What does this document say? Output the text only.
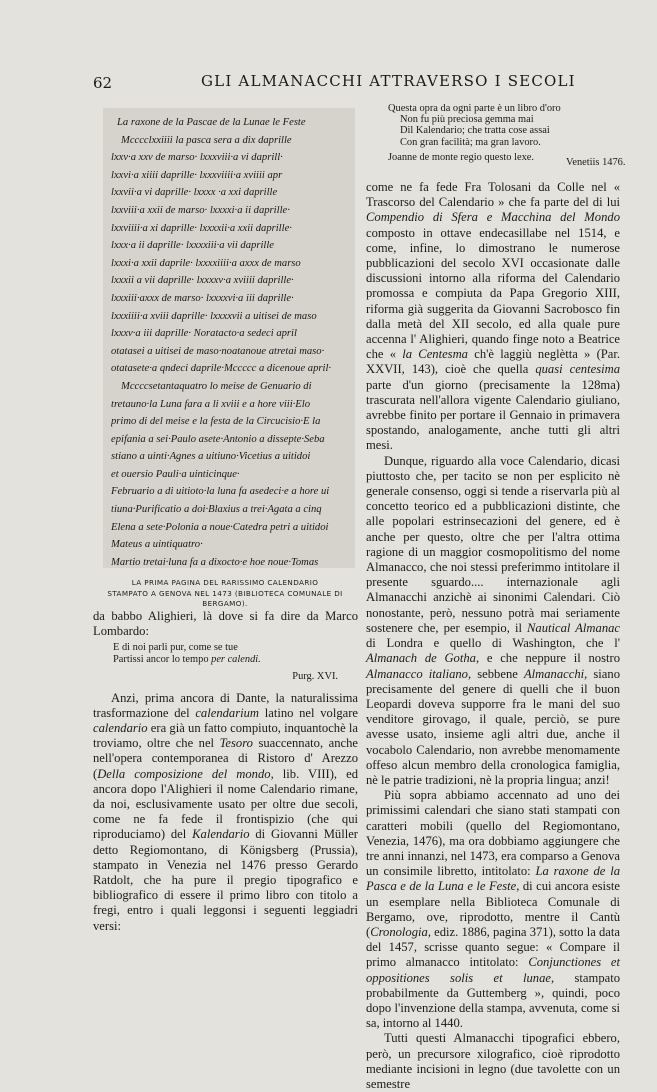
62	GLI ALMANACCHI ATTRAVERSO I SECOLI
La raxone de la Pascae de la Lunae le Feste
Mcccclxxiiii la pasca sera a dix daprille
lxxv·a xxv de marso· lxxxviii·a vi daprill·
lxxvi·a xiiii daprille· lxxxviiii·a xviiii apr
lxxvii·a vi daprille· lxxxx ·a xxi daprille
lxxviii·a xxii de marso· lxxxxi·a ii daprille·
lxxviiii·a xi daprille· lxxxxii·a xxii daprille·
lxxx·a ii daprille· lxxxxiii·a vii daprille
lxxxi·a xxii daprile· lxxxxiiii·a axxx de marso
lxxxii a vii daprille· lxxxxv·a xviiii daprille·
lxxxiii·axxx de marso· lxxxxvi·a iii daprille·
lxxxiiii·a xviii daprille· lxxxxvii a uitisei de maso
lxxxv·a iii daprille· Noratacto·a sedeci april
otatasei a uitisei de maso·noatanoue atretai maso·
otatasete·a qndeci daprile·Mccccc a dicenoue april·
Mccccsetantaquatro lo meise de Genuario di
tretauno·la Luna fara a li xviii e a hore viii·Elo
primo di del meise e la festa de la Circucisio·E la
epifania a sei·Paulo asete·Antonio a dissepte·Seba
stiano a uinti·Agnes a uitiuno·Vicetius a uitidoi
et ouersio Pauli·a uinticinque·
Februario a di uitioto·la luna fa asedeci·e a hore ui
tiuna·Purificatio a doi·Blaxius a trei·Agata a cinq
Elena a sete·Polonia a noue·Catedra petri a uitidoi
Mateus a uintiquatro·
Martio tretai·luna fa a dixocto·e hoe noue·Tomas
LA PRIMA PAGINA DEL RARISSIMO CALENDARIO
STAMPATO A GENOVA NEL 1473 (BIBLIOTECA COMUNALE DI BERGAMO).
Questa opra da ogni parte è un libro d'oro
Non fu più preciosa gemma mai
Dil Kalendario; che tratta cose assai
Con gran facilità; ma gran lavoro.
Joanne de monte regio questo lexe.	Venetiis 1476.

da babbo Alighieri, là dove si fa dire da Marco Lombardo:

E di noi parli pur, come se tue
Partissi ancor lo tempo per calendi.
Purg. XVI.

Anzi, prima ancora di Dante, la naturalissima trasformazione del calendarium latino nel volgare calendario era già un fatto compiuto, inquantochè la troviamo, oltre che nel Tesoro suaccennato, anche nell'opera contemporanea di Ristoro d' Arezzo (Della composizione del mondo, lib. VIII), ed ancora dopo l'Alighieri il nome Calendario rimane, da noi, esclusivamente usato per oltre due secoli, come ne fa fede il frontispizio (che qui riproduciamo) del Kalendario di Giovanni Müller detto Regiomontano, di Königsberg (Prussia), stampato in Venezia nel 1476 presso Gerardo Ratdolt, che ha pure il pregio tipografico e bibliografico di essere il primo libro con titolo a fregi, entro i quali leggonsi i seguenti leggiadri versi:

come ne fa fede Fra Tolosani da Colle nel « Trascorso del Calendario » che fa parte del di lui Compendio di Sfera e Macchina del Mondo composto in ottave endecasillabe nel 1514, e come, infine, lo dimostrano le numerose pubblicazioni del secolo XVI occasionate dalle discussioni intorno alla riforma del Calendario promossa e compiuta da Papa Gregorio XIII, riforma già suggerita da Giovanni Sacrobosco fin dalla metà del XII secolo, ed alla quale pure accenna l' Alighieri, quando finge noto a Beatrice che « la Centesma ch'è laggiù neglètta » (Par. XXVII, 143), cioè che quella quasi centesima parte d'un giorno (precisamente la 128ma) trascurata nell'allora vigente Calendario giuliano, avrebbe finito per portare il Gennaio in primavera spostando, analogamente, anche tutti gli altri mesi.

Dunque, riguardo alla voce Calendario, dicasi piuttosto che, per tacito se non per esplicito nè generale consenso, oggi si tende a riservarla più al concetto teorico ed a pubblicazioni distinte, che alle popolari estrinsecazioni del genere, ed è anche per questo, oltre che per l'altra ottima ragione di un maggior cosmopolitismo del nome Almanacco, che noi stessi preferimmo intitolare il presente sguardo.... internazionale agli Almanacchi anzichè ai sinonimi Calendari. Ciò nonostante, però, nessuno potrà mai seriamente sostenere che, per esempio, il Nautical Almanac di Londra e quello di Washington, che l' Almanach de Gotha, e che neppure il nostro Almanacco italiano, sebbene Almanacchi, siano precisamente del genere di quelli che il buon Leopardi doveva supporre fra le mani del suo venditore girovago, il quale, perciò, se pure avesse usato, insieme agli altri due, anche il vocabolo Calendario, non avrebbe menomamente offeso alcun membro della cronologica famiglia, nè le patrie tradizioni, nè la propria lingua; anzi!

Più sopra abbiamo accennato ad uno dei primissimi calendari che siano stati stampati con caratteri mobili (quello del Regiomontano, Venezia, 1476), ma ora dobbiamo aggiungere che tre anni innanzi, nel 1473, era comparso a Genova un consimile libretto, intitolato: La raxone de la Pasca e de la Luna e le Feste, di cui ancora esiste un esemplare nella Biblioteca Comunale di Bergamo, ove, riprodotto, mentre il Cantù (Cronologia, ediz. 1886, pagina 371), sotto la data del 1457, scrisse quanto segue: « Compare il primo almanacco intitolato: Conjunctiones et oppositiones solis et lunae, stampato probabilmente da Guttemberg », quindi, poco dopo l'invenzione della stampa, avvenuta, come si sa, intorno al 1440.

Tutti questi Almanacchi tipografici ebbero, però, un precursore xilografico, cioè riprodotto mediante incisioni in legno (due tavolette con un semestre
